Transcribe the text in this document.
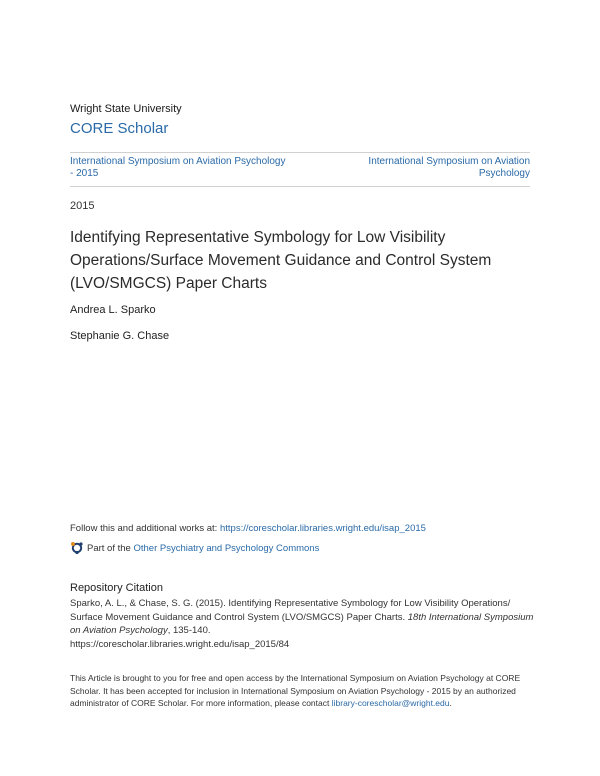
Wright State University
CORE Scholar
International Symposium on Aviation Psychology - 2015
International Symposium on Aviation Psychology
2015
Identifying Representative Symbology for Low Visibility Operations/Surface Movement Guidance and Control System (LVO/SMGCS) Paper Charts
Andrea L. Sparko
Stephanie G. Chase
Follow this and additional works at: https://corescholar.libraries.wright.edu/isap_2015
Part of the
Other Psychiatry and Psychology Commons
Repository Citation
Sparko, A. L., & Chase, S. G. (2015). Identifying Representative Symbology for Low Visibility Operations/ Surface Movement Guidance and Control System (LVO/SMGCS) Paper Charts. 18th International Symposium on Aviation Psychology, 135-140.
https://corescholar.libraries.wright.edu/isap_2015/84
This Article is brought to you for free and open access by the International Symposium on Aviation Psychology at CORE Scholar. It has been accepted for inclusion in International Symposium on Aviation Psychology - 2015 by an authorized administrator of CORE Scholar. For more information, please contact library-corescholar@wright.edu.
